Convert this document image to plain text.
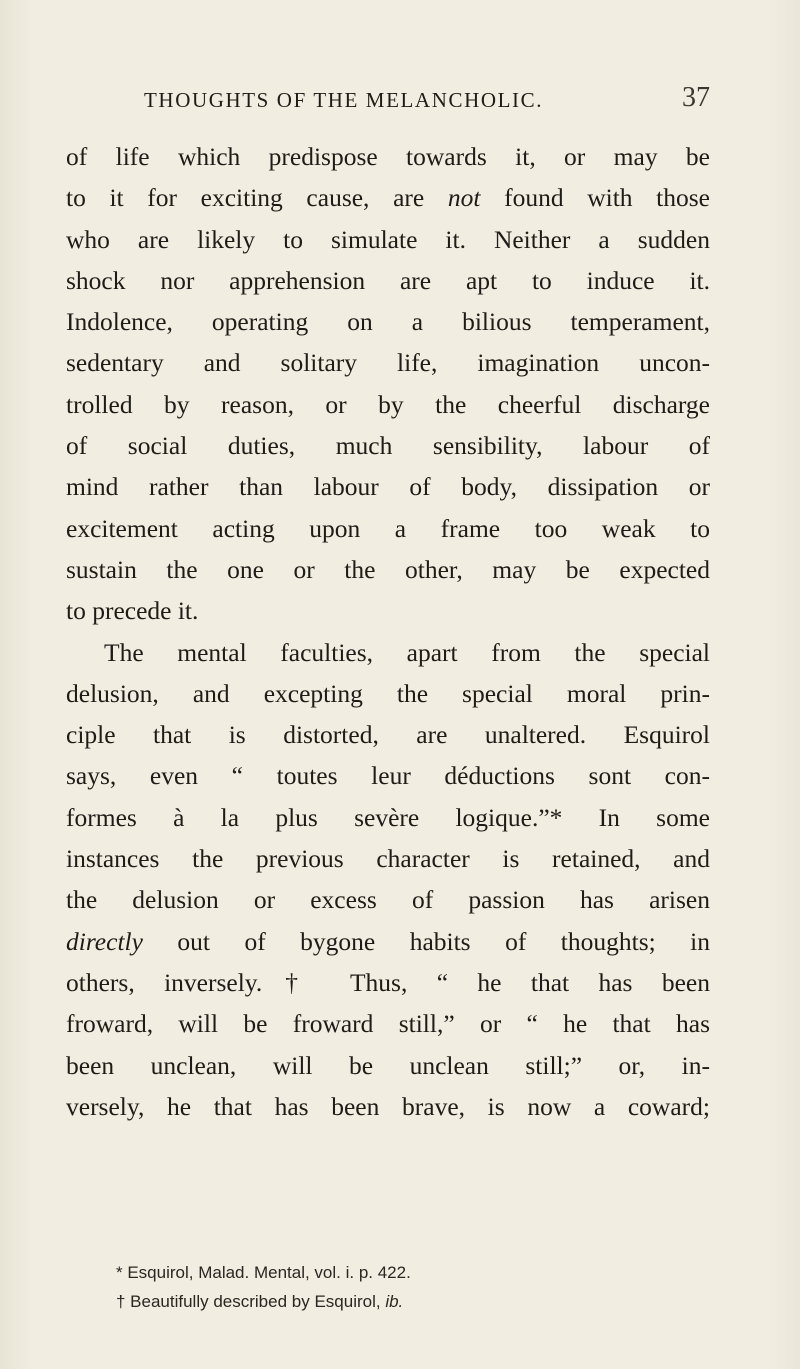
THOUGHTS OF THE MELANCHOLIC.	37
of life which predispose towards it, or may be
to it for exciting cause, are not found with those
who are likely to simulate it. Neither a sudden
shock nor apprehension are apt to induce it.
Indolence, operating on a bilious temperament,
sedentary and solitary life, imagination uncon-
trolled by reason, or by the cheerful discharge
of social duties, much sensibility, labour of
mind rather than labour of body, dissipation or
excitement acting upon a frame too weak to
sustain the one or the other, may be expected
to precede it.
The mental faculties, apart from the special
delusion, and excepting the special moral prin-
ciple that is distorted, are unaltered. Esquirol
says, even “ toutes leur déductions sont con-
formes à la plus sevère logique.”* In some
instances the previous character is retained, and
the delusion or excess of passion has arisen
directly out of bygone habits of thoughts; in
others, inversely.† Thus, “ he that has been
froward, will be froward still,” or “ he that has
been unclean, will be unclean still;” or, in-
versely, he that has been brave, is now a coward;
* Esquirol, Malad. Mental, vol. i. p. 422.
† Beautifully described by Esquirol, ib.
